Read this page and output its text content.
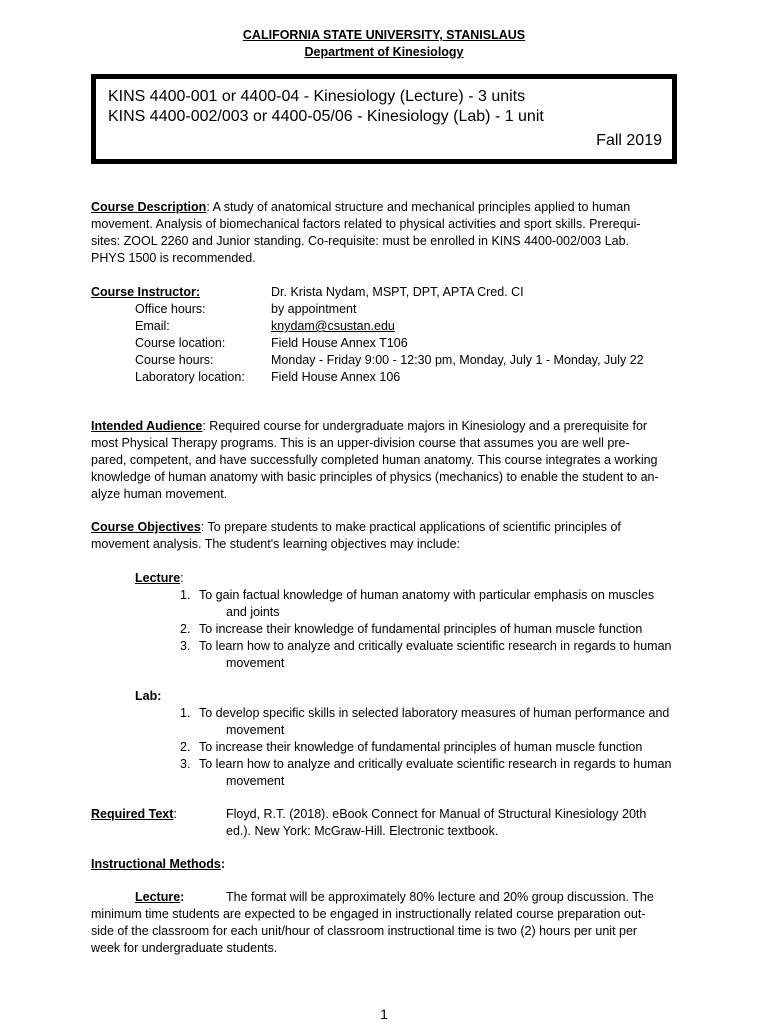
CALIFORNIA STATE UNIVERSITY, STANISLAUS
Department of Kinesiology
KINS 4400-001 or 4400-04 - Kinesiology (Lecture) - 3 units
KINS 4400-002/003 or 4400-05/06 - Kinesiology (Lab) - 1 unit
Fall 2019
Course Description: A study of anatomical structure and mechanical principles applied to human
movement. Analysis of biomechanical factors related to physical activities and sport skills. Prerequi-
sites: ZOOL 2260 and Junior standing. Co-requisite: must be enrolled in KINS 4400-002/003 Lab.
PHYS 1500 is recommended.
Course Instructor:	Dr. Krista Nydam, MSPT, DPT, APTA Cred. CI
Office hours:	by appointment
Email:	knydam@csustan.edu
Course location:	Field House Annex T106
Course hours:	Monday - Friday 9:00 - 12:30 pm, Monday, July 1 - Monday, July 22
Laboratory location: Field House Annex 106
Intended Audience: Required course for undergraduate majors in Kinesiology and a prerequisite for
most Physical Therapy programs. This is an upper-division course that assumes you are well pre-
pared, competent, and have successfully completed human anatomy. This course integrates a working
knowledge of human anatomy with basic principles of physics (mechanics) to enable the student to an-
alyze human movement.
Course Objectives: To prepare students to make practical applications of scientific principles of
movement analysis. The student's learning objectives may include:
Lecture:
1. To gain factual knowledge of human anatomy with particular emphasis on muscles
and joints
2. To increase their knowledge of fundamental principles of human muscle function
3. To learn how to analyze and critically evaluate scientific research in regards to human
movement
Lab:
1. To develop specific skills in selected laboratory measures of human performance and
movement
2. To increase their knowledge of fundamental principles of human muscle function
3. To learn how to analyze and critically evaluate scientific research in regards to human
movement
Required Text:	Floyd, R.T. (2018). eBook Connect for Manual of Structural Kinesiology 20th
ed.). New York: McGraw-Hill. Electronic textbook.
Instructional Methods:
Lecture:	The format will be approximately 80% lecture and 20% group discussion. The
minimum time students are expected to be engaged in instructionally related course preparation out-
side of the classroom for each unit/hour of classroom instructional time is two (2) hours per unit per
week for undergraduate students.
1
